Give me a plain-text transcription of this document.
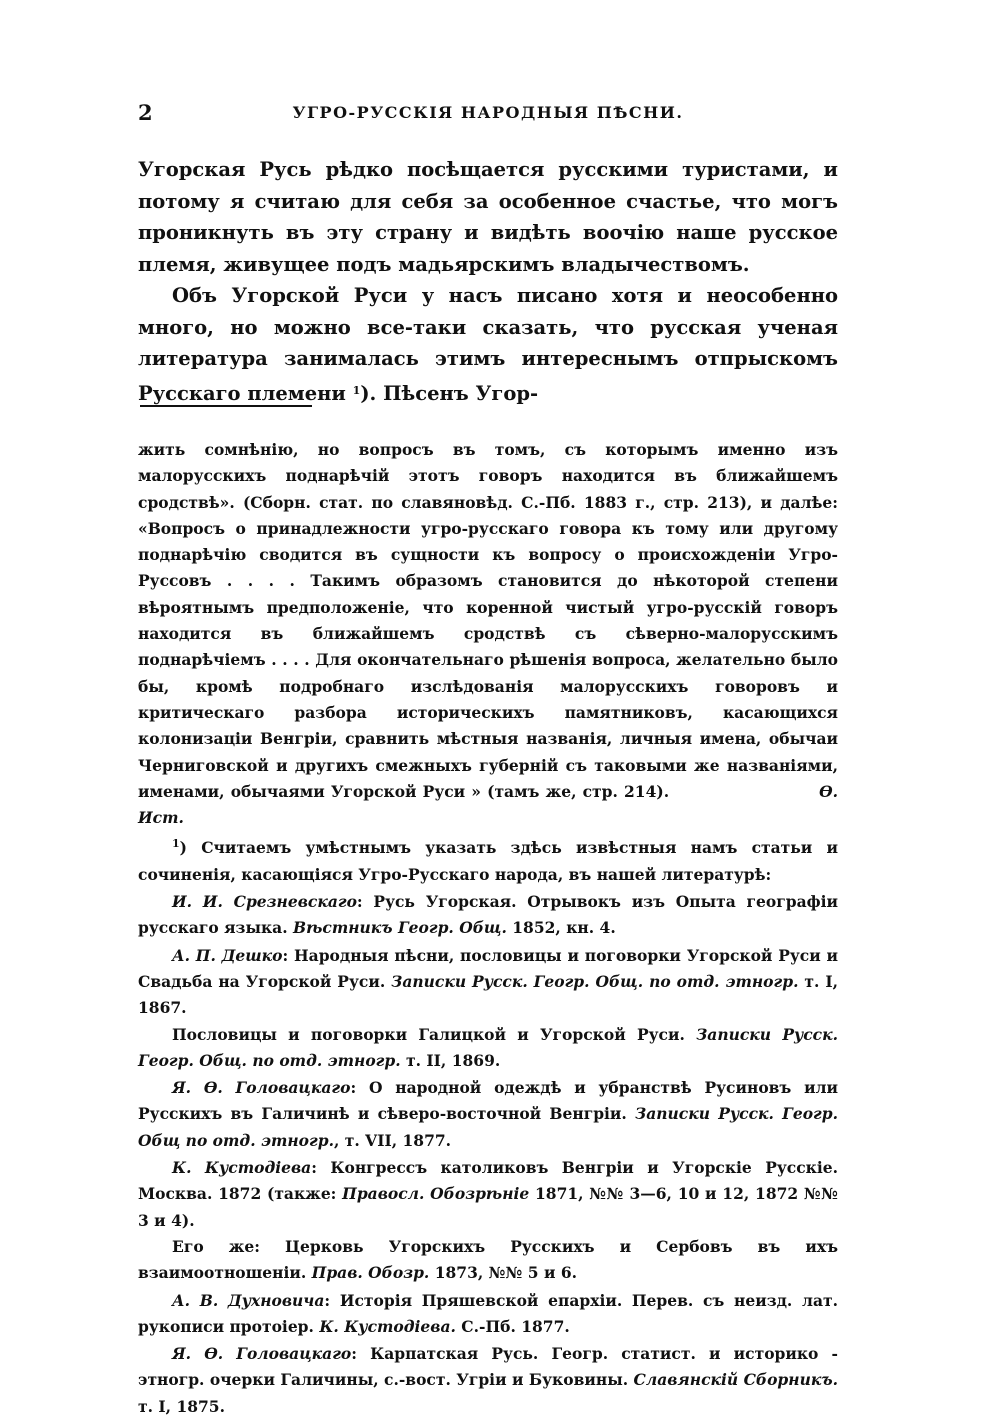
2	УГРО-РУССКІЯ НАРОДНЫЯ ПѢСНИ.

Угорская Русь рѣдко посѣщается русскими туристами, и потому я считаю для себя за особенное счастье, что могъ проникнуть въ эту страну и видѣть воочію наше русское племя, живущее подъ мадьярскимъ владычествомъ.

Объ Угорской Руси у насъ писано хотя и неособенно много, но можно все-таки сказать, что русская ученая литература занималась этимъ интереснымъ отпрыскомъ Русскаго племени $^1$). Пѣсенъ Угор-

жить сомнѣнію, но вопросъ въ томъ, съ которымъ именно изъ малорусскихъ поднарѣчій этотъ говоръ находится въ ближайшемъ сродствѣ». (Сборн. стат. по славяновѣд. С.-Пб. 1883 г., стр. 213), и далѣе: «Вопросъ о принадлежности угро-русскаго говора къ тому или другому поднарѣчію сводится въ сущности къ вопросу о происхожденіи Угро-Руссовъ . . . . Такимъ образомъ становится до нѣкоторой степени вѣроятнымъ предположеніе, что коренной чистый угро-русскій говоръ находится въ ближайшемъ сродствѣ съ сѣверно-малорусскимъ поднарѣчіемъ . . . . Для окончательнаго рѣшенія вопроса, желательно было бы, кромѣ подробнаго изслѣдованія малорусскихъ говоровъ и критическаго разбора историческихъ памятниковъ, касающихся колонизаціи Венгріи, сравнить мѣстныя названія, личныя имена, обычаи Черниговской и другихъ смежныхъ губерній съ таковыми же названіями, именами, обычаями Угорской Руси » (тамъ же, стр. 214).	Ѳ. Ист.

$^1$) Считаемъ умѣстнымъ указать здѣсь извѣстныя намъ статьи и сочиненія, касающіяся Угро-Русскаго народа, въ нашей литературѣ:

И. И. Срезневскаго: Русь Угорская. Отрывокъ изъ Опыта географіи русскаго языка. Вѣстникъ Геогр. Общ. 1852, кн. 4.

А. П. Дешко: Народныя пѣсни, пословицы и поговорки Угорской Руси и Свадьба на Угорской Руси. Записки Русск. Геогр. Общ. по отд. этногр. т. I, 1867.

Пословицы и поговорки Галицкой и Угорской Руси. Записки Русск. Геогр. Общ. по отд. этногр. т. II, 1869.

Я. Ѳ. Головацкаго: О народной одеждѣ и убранствѣ Русиновъ или Русскихъ въ Галичинѣ и сѣверо-восточной Венгріи. Записки Русск. Геогр. Общ по отд. этногр., т. VII, 1877.

К. Кустодіева: Конгрессъ католиковъ Венгріи и Угорскіе Русскіе. Москва. 1872 (также: Правосл. Обозрѣніе 1871, №№ 3—6, 10 и 12, 1872 №№ 3 и 4).

Его же: Церковь Угорскихъ Русскихъ и Сербовъ въ ихъ взаимоотношеніи. Прав. Обозр. 1873, №№ 5 и 6.

А. В. Духновича: Исторія Пряшевской епархіи. Перев. съ неизд. лат. рукописи протоіер. К. Кустодіева. С.-Пб. 1877.

Я. Ѳ. Головацкаго: Карпатская Русь. Геогр. статист. и историко - этногр. очерки Галичины, с.-вост. Угріи и Буковины. Славянскій Сборникъ. т. I, 1875.
